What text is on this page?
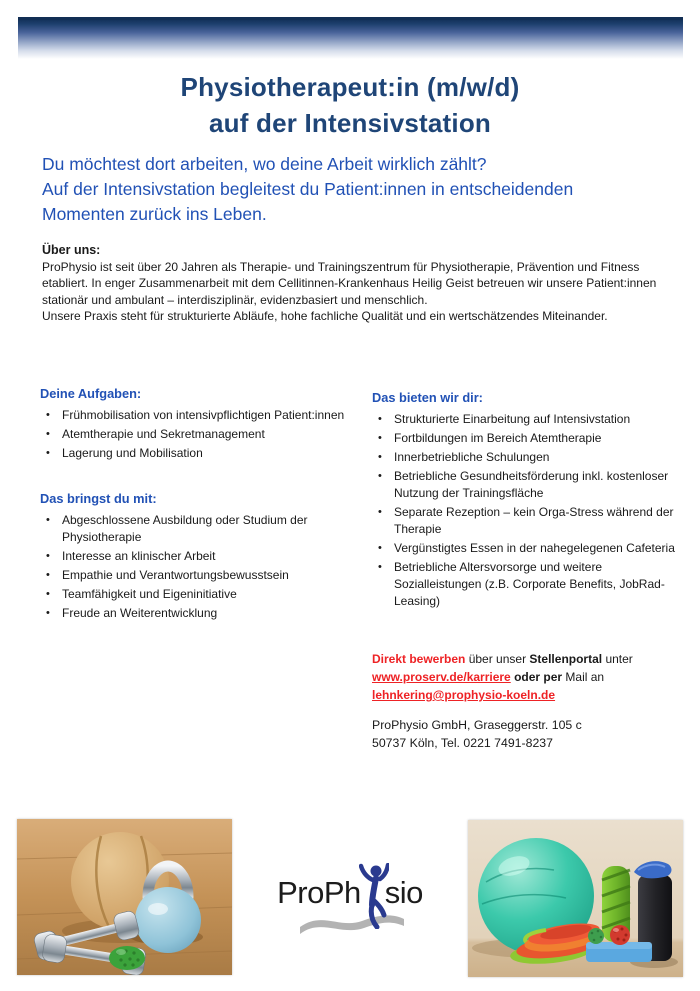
Physiotherapeut:in (m/w/d)
auf der Intensivstation
Du möchtest dort arbeiten, wo deine Arbeit wirklich zählt?
Auf der Intensivstation begleitest du Patient:innen in entscheidenden
Momenten zurück ins Leben.
Über uns:
ProPhysio ist seit über 20 Jahren als Therapie- und Trainingszentrum für Physiotherapie, Prävention und Fitness etabliert. In enger Zusammenarbeit mit dem Cellitinnen-Krankenhaus Heilig Geist betreuen wir unsere Patient:innen stationär und ambulant – interdisziplinär, evidenzbasiert und menschlich.
Unsere Praxis steht für strukturierte Abläufe, hohe fachliche Qualität und ein wertschätzendes Miteinander.
Deine Aufgaben:
•	Frühmobilisation von intensivpflichtigen Patient:innen
•	Atemtherapie und Sekretmanagement
•	Lagerung und Mobilisation
Das bringst du mit:
•	Abgeschlossene Ausbildung oder Studium der Physiotherapie
•	Interesse an klinischer Arbeit
•	Empathie und Verantwortungsbewusstsein
•	Teamfähigkeit und Eigeninitiative
•	Freude an Weiterentwicklung
Das bieten wir dir:
•	Strukturierte Einarbeitung auf Intensivstation
•	Fortbildungen im Bereich Atemtherapie
•	Innerbetriebliche Schulungen
•	Betriebliche Gesundheitsförderung inkl. kostenloser Nutzung der Trainingsfläche
•	Separate Rezeption – kein Orga-Stress während der Therapie
•	Vergünstigtes Essen in der nahegelegenen Cafeteria
•	Betriebliche Altersvorsorge und weitere Sozialleistungen (z.B. Corporate Benefits, JobRad-Leasing)
Direkt bewerben über unser Stellenportal unter www.proserv.de/karriere oder per Mail an lehnkering@prophysio-koeln.de
ProPhysio GmbH, Graseggerstr. 105 c
50737 Köln, Tel. 0221 7491-8237
ProPh sio
